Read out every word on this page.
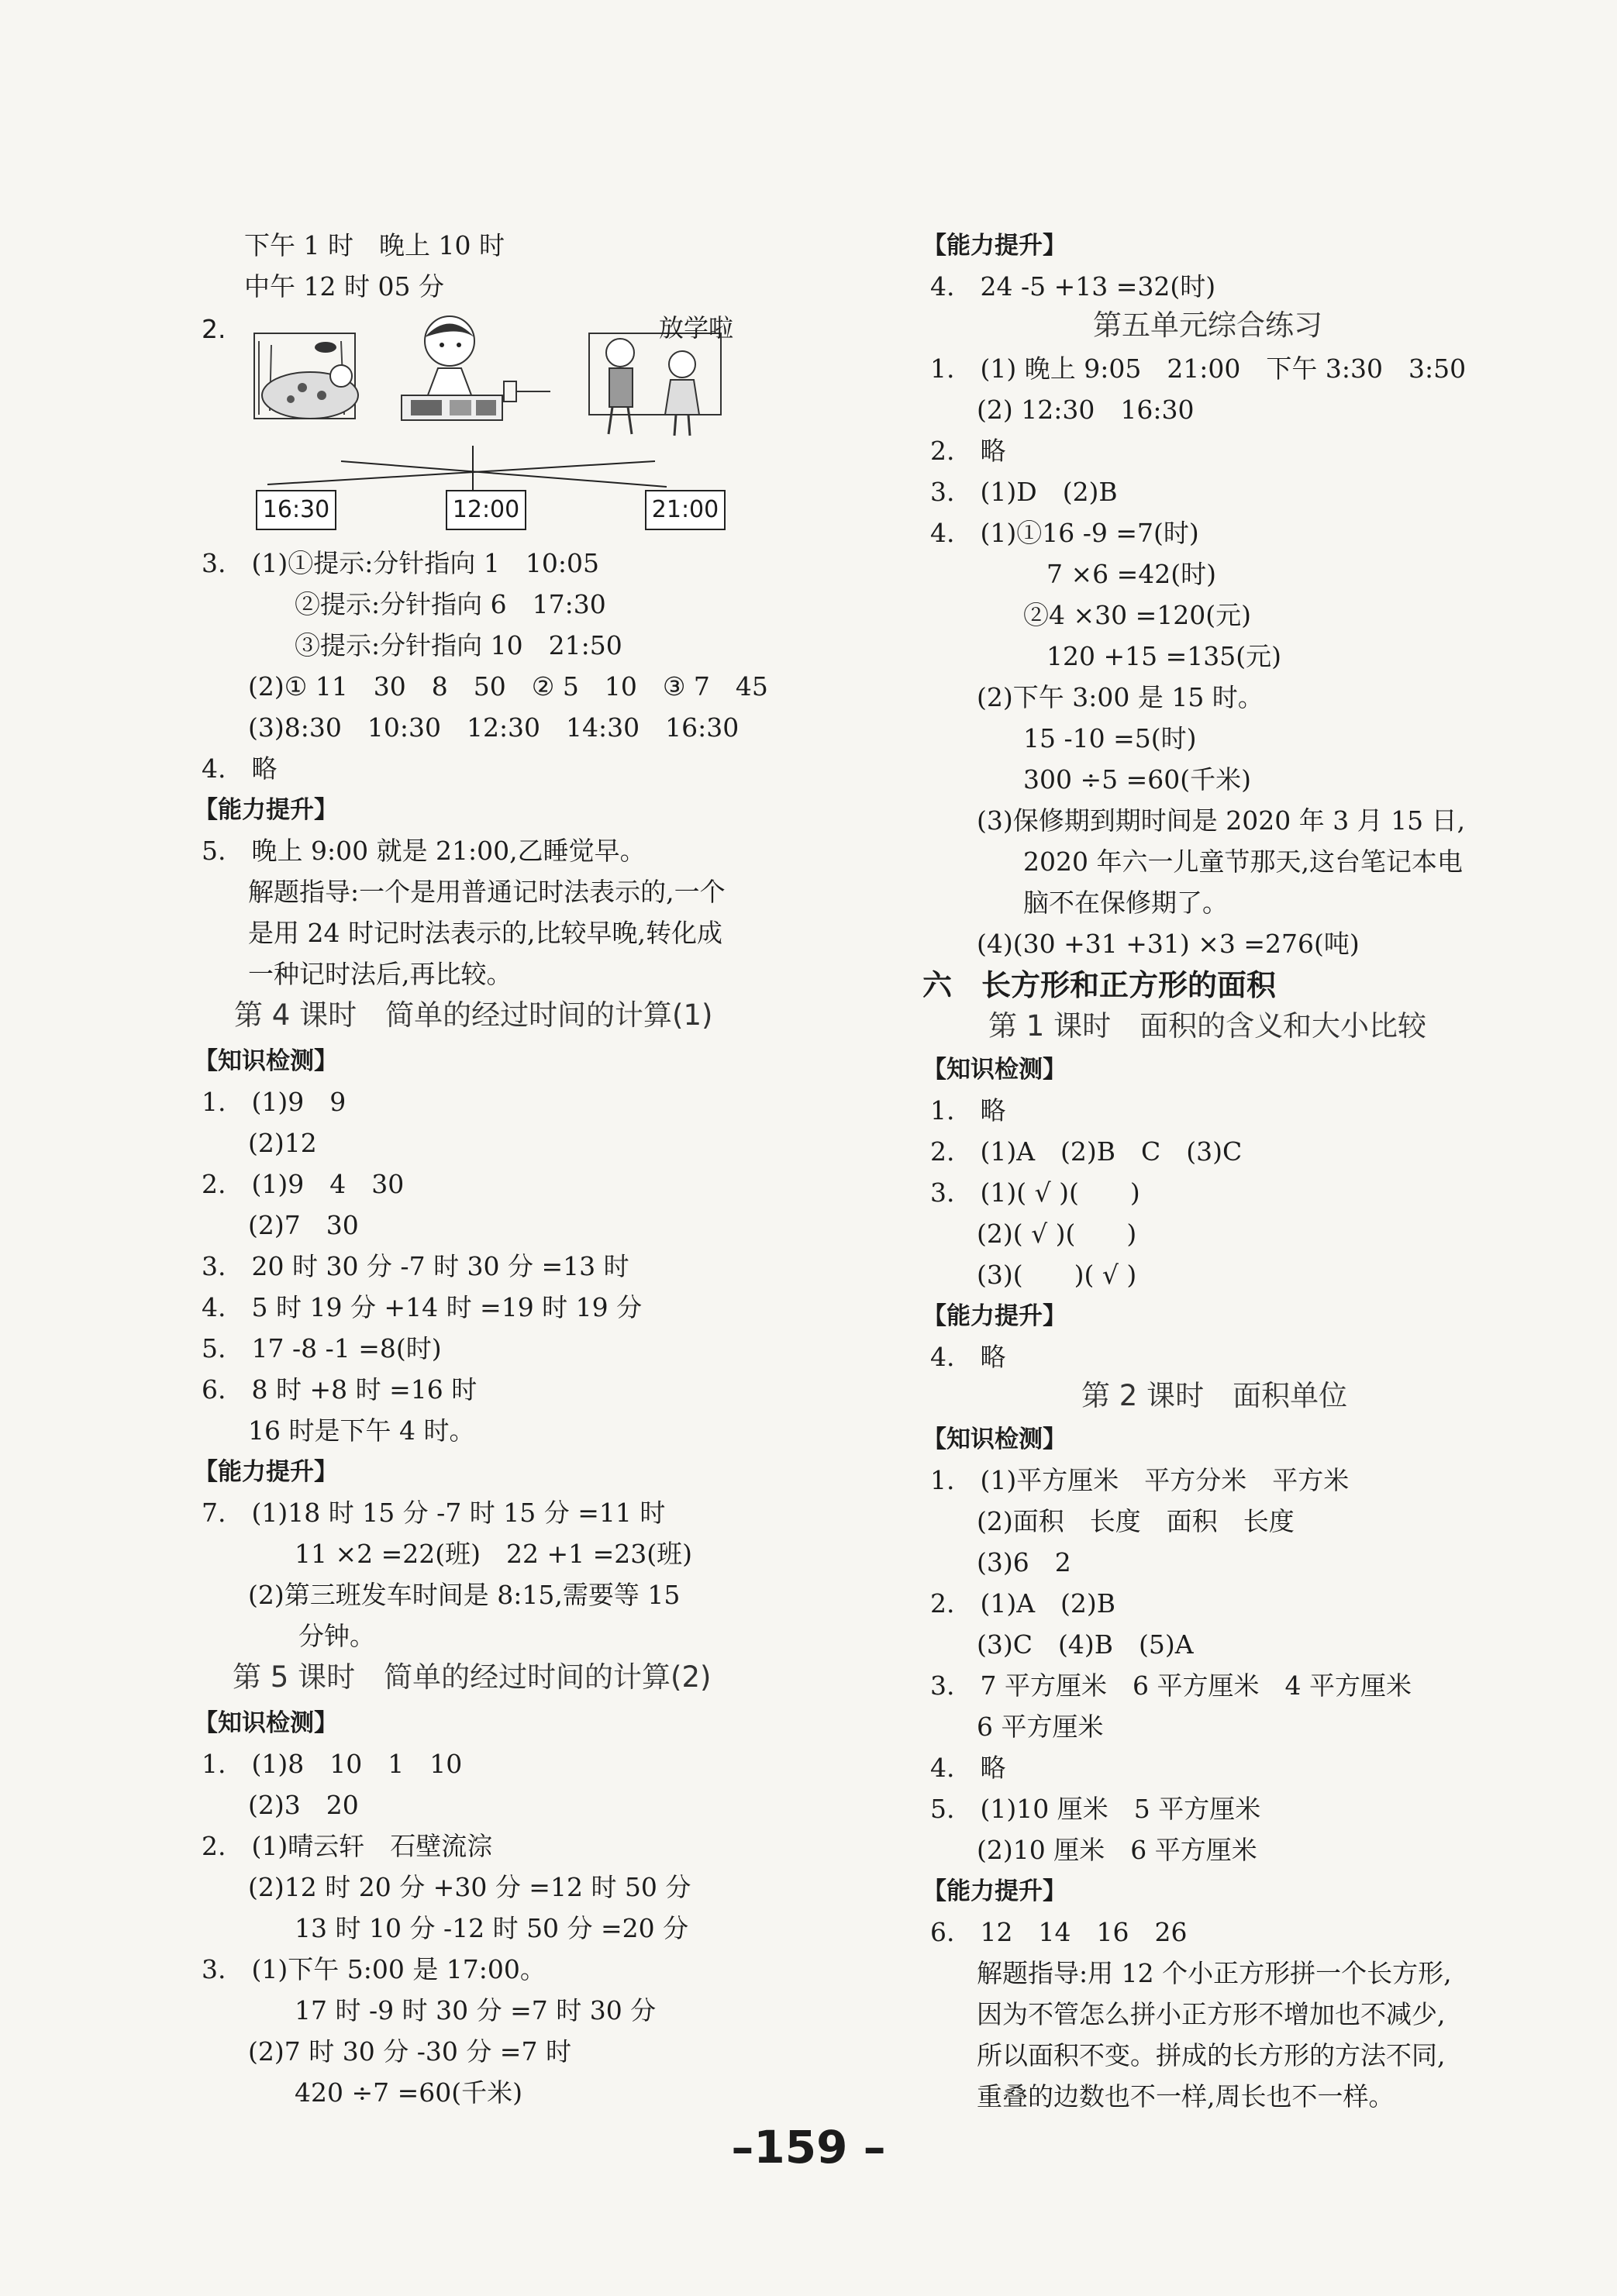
下午 1 时　晚上 10 时
中午 12 时 05 分
2.	放学啦
16:30	12:00	21:00
3.　(1)①提示:分针指向 1　10:05
②提示:分针指向 6　17:30
③提示:分针指向 10　21:50
(2)① 11　30　8　50　② 5　10　③ 7　45
(3)8:30　10:30　12:30　14:30　16:30
4.　略
【能力提升】
5.　晚上 9:00 就是 21:00,乙睡觉早。
解题指导:一个是用普通记时法表示的,一个
是用 24 时记时法表示的,比较早晚,转化成
一种记时法后,再比较。
第 4 课时　简单的经过时间的计算(1)
【知识检测】
1.　(1)9　9
(2)12
2.　(1)9　4　30
(2)7　30
3.　20 时 30 分 -7 时 30 分 =13 时
4.　5 时 19 分 +14 时 =19 时 19 分
5.　17 -8 -1 =8(时)
6.　8 时 +8 时 =16 时
16 时是下午 4 时。
【能力提升】
7.　(1)18 时 15 分 -7 时 15 分 =11 时
11 ×2 =22(班)　22 +1 =23(班)
(2)第三班发车时间是 8:15,需要等 15
分钟。
第 5 课时　简单的经过时间的计算(2)
【知识检测】
1.　(1)8　10　1　10
(2)3　20
2.　(1)晴云轩　石壁流淙
(2)12 时 20 分 +30 分 =12 时 50 分
13 时 10 分 -12 时 50 分 =20 分
3.　(1)下午 5:00 是 17:00。
17 时 -9 时 30 分 =7 时 30 分
(2)7 时 30 分 -30 分 =7 时
420 ÷7 =60(千米)
【能力提升】
4.　24 -5 +13 =32(时)
第五单元综合练习
1.　(1) 晚上 9:05　21:00　下午 3:30　3:50
(2) 12:30　16:30
2.　略
3.　(1)D　(2)B
4.　(1)①16 -9 =7(时)
7 ×6 =42(时)
②4 ×30 =120(元)
120 +15 =135(元)
(2)下午 3:00 是 15 时。
15 -10 =5(时)
300 ÷5 =60(千米)
(3)保修期到期时间是 2020 年 3 月 15 日,
2020 年六一儿童节那天,这台笔记本电
脑不在保修期了。
(4)(30 +31 +31) ×3 =276(吨)
六　长方形和正方形的面积
第 1 课时　面积的含义和大小比较
【知识检测】
1.　略
2.　(1)A　(2)B　C　(3)C
3.　(1)( √ )(　　)
(2)( √ )(　　)
(3)(　　)( √ )
【能力提升】
4.　略
第 2 课时　面积单位
【知识检测】
1.　(1)平方厘米　平方分米　平方米
(2)面积　长度　面积　长度
(3)6　2
2.　(1)A　(2)B
(3)C　(4)B　(5)A
3.　7 平方厘米　6 平方厘米　4 平方厘米
6 平方厘米
4.　略
5.　(1)10 厘米　5 平方厘米
(2)10 厘米　6 平方厘米
【能力提升】
6.　12　14　16　26
解题指导:用 12 个小正方形拼一个长方形,
因为不管怎么拼小正方形不增加也不减少,
所以面积不变。拼成的长方形的方法不同,
重叠的边数也不一样,周长也不一样。
–159 –
